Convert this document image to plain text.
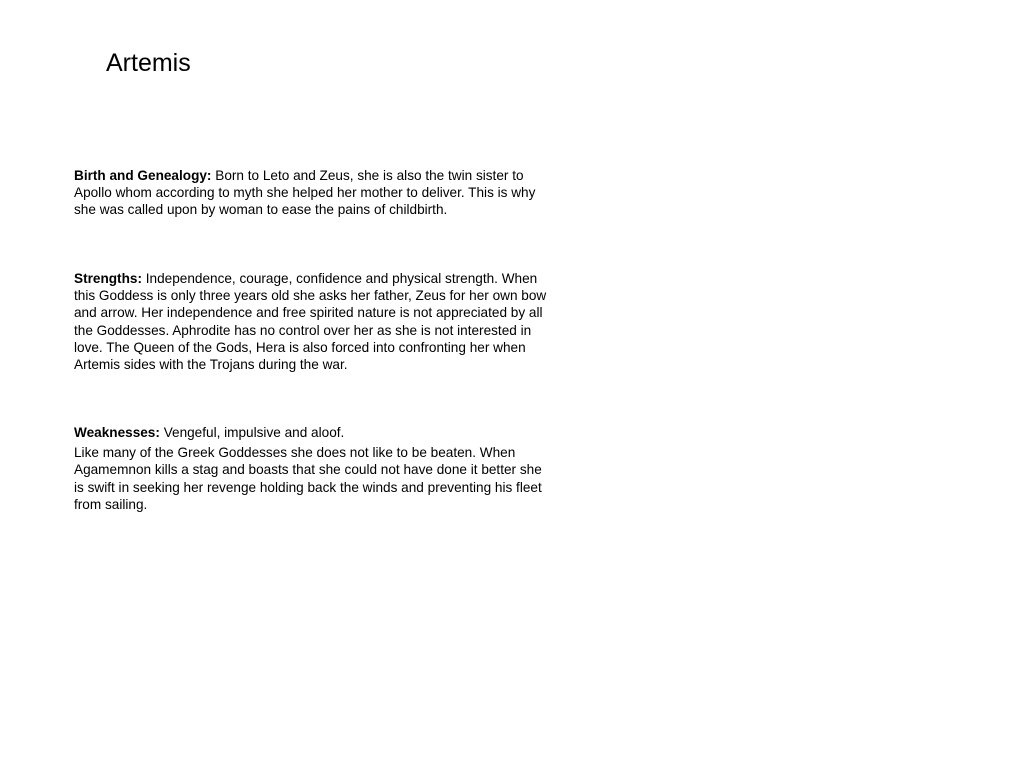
Artemis

Birth and Genealogy: Born to Leto and Zeus, she is also the twin sister to Apollo whom according to myth she helped her mother to deliver. This is why she was called upon by woman to ease the pains of childbirth.

Strengths: Independence, courage, confidence and physical strength. When this Goddess is only three years old she asks her father, Zeus for her own bow and arrow. Her independence and free spirited nature is not appreciated by all the Goddesses. Aphrodite has no control over her as she is not interested in love. The Queen of the Gods, Hera is also forced into confronting her when Artemis sides with the Trojans during the war.

Weaknesses: Vengeful, impulsive and aloof.

Like many of the Greek Goddesses she does not like to be beaten. When Agamemnon kills a stag and boasts that she could not have done it better she is swift in seeking her revenge holding back the winds and preventing his fleet from sailing.
